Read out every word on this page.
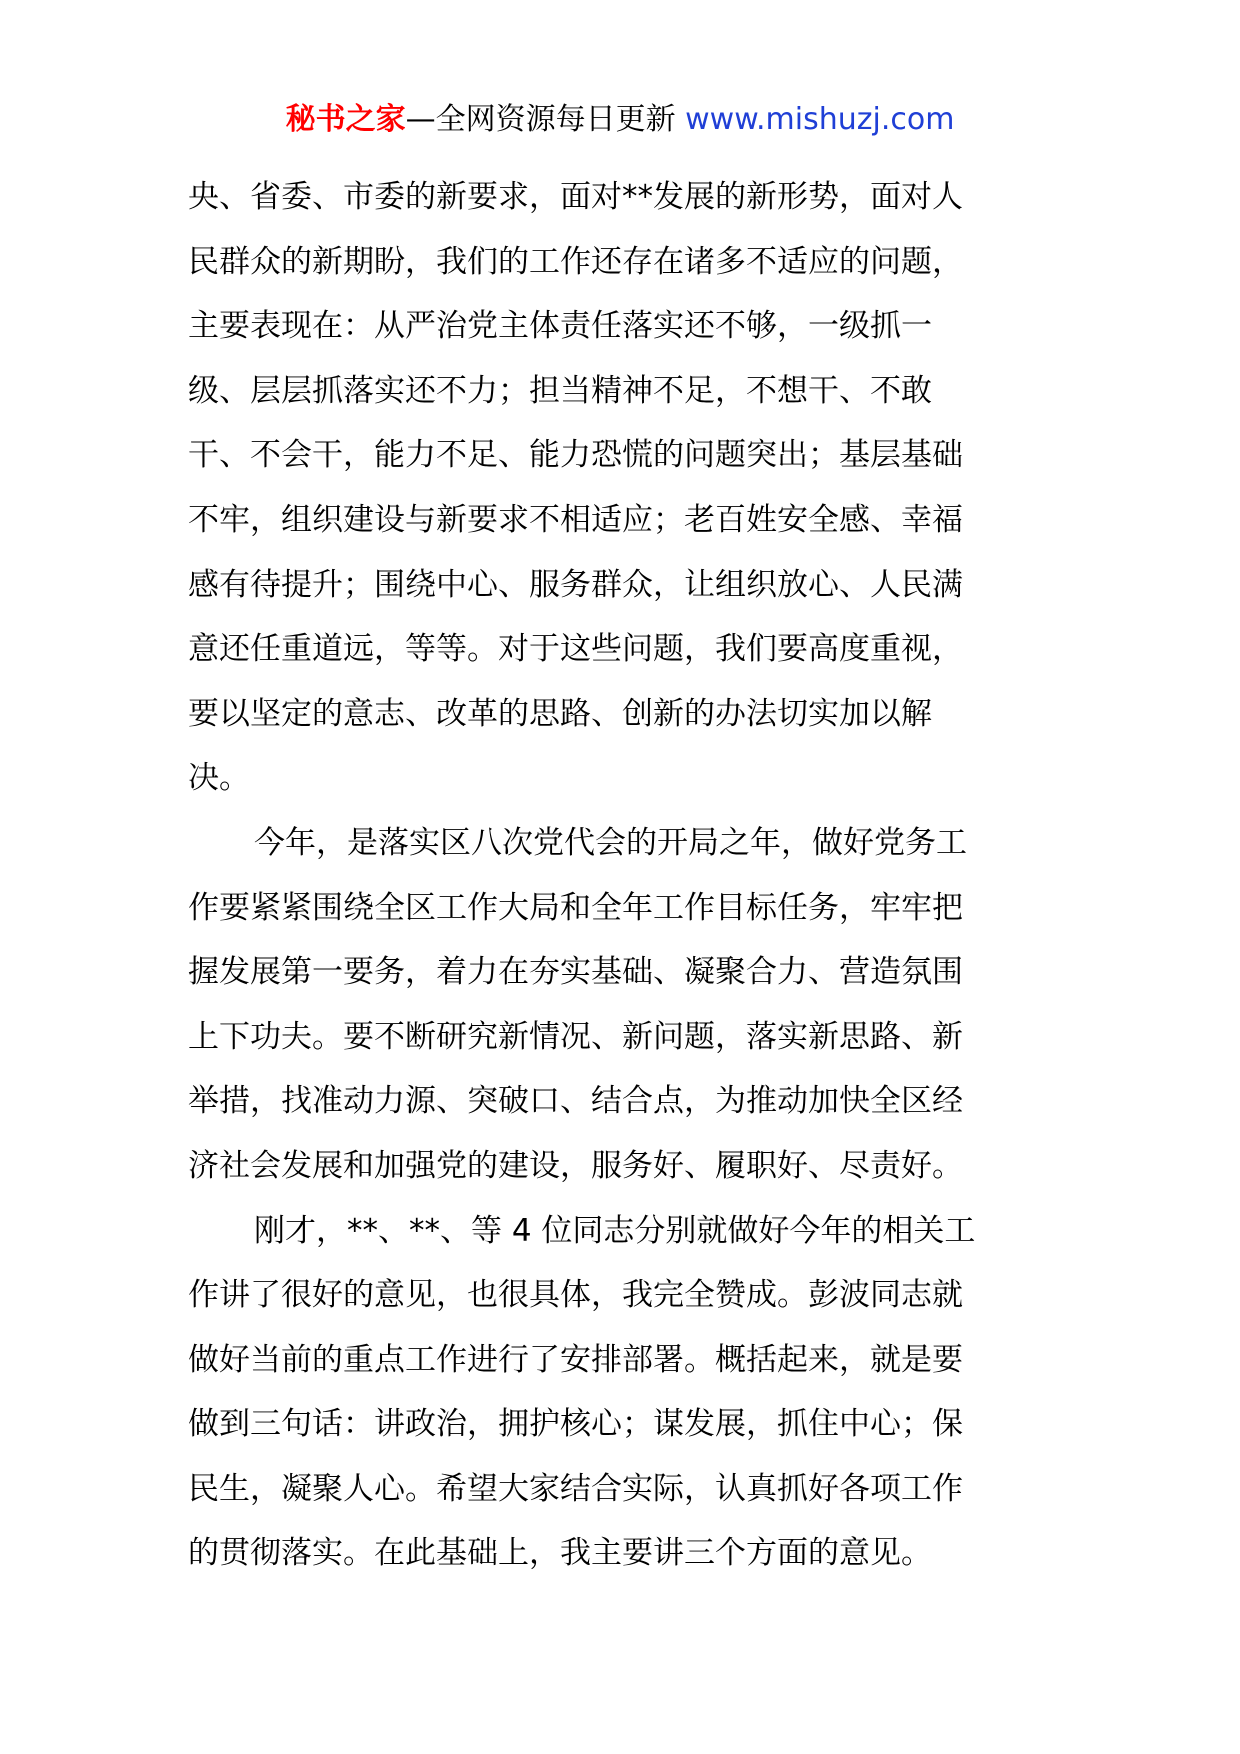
秘书之家—全网资源每日更新 www.mishuzj.com
央、省委、市委的新要求，面对**发展的新形势，面对人
民群众的新期盼，我们的工作还存在诸多不适应的问题，
主要表现在：从严治党主体责任落实还不够，一级抓一
级、层层抓落实还不力；担当精神不足，不想干、不敢
干、不会干，能力不足、能力恐慌的问题突出；基层基础
不牢，组织建设与新要求不相适应；老百姓安全感、幸福
感有待提升；围绕中心、服务群众，让组织放心、人民满
意还任重道远，等等。对于这些问题，我们要高度重视，
要以坚定的意志、改革的思路、创新的办法切实加以解
决。
今年，是落实区八次党代会的开局之年，做好党务工
作要紧紧围绕全区工作大局和全年工作目标任务，牢牢把
握发展第一要务，着力在夯实基础、凝聚合力、营造氛围
上下功夫。要不断研究新情况、新问题，落实新思路、新
举措，找准动力源、突破口、结合点，为推动加快全区经
济社会发展和加强党的建设，服务好、履职好、尽责好。
刚才，**、**、等 4 位同志分别就做好今年的相关工
作讲了很好的意见，也很具体，我完全赞成。彭波同志就
做好当前的重点工作进行了安排部署。概括起来，就是要
做到三句话：讲政治，拥护核心；谋发展，抓住中心；保
民生，凝聚人心。希望大家结合实际，认真抓好各项工作
的贯彻落实。在此基础上，我主要讲三个方面的意见。
